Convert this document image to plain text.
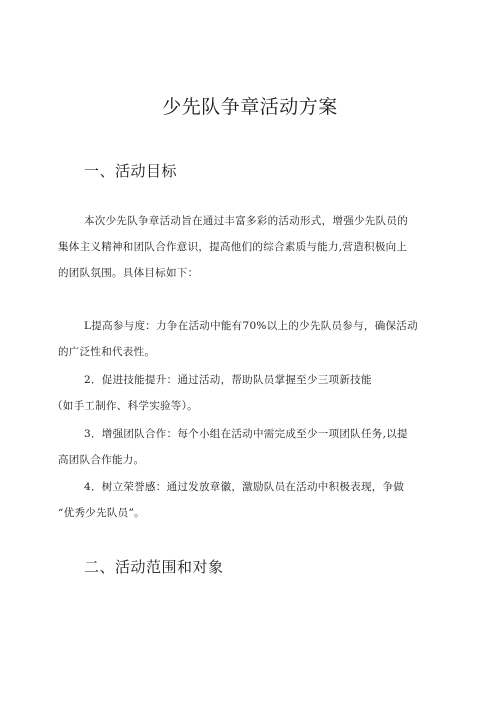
少先队争章活动方案
一、活动目标
本次少先队争章活动旨在通过丰富多彩的活动形式，增强少先队员的
集体主义精神和团队合作意识，提高他们的综合素质与能力,营造积极向上
的团队氛围。具体目标如下：
L提高参与度：力争在活动中能有70%以上的少先队员参与，确保活动
的广泛性和代表性。
2．促进技能提升：通过活动，帮助队员掌握至少三项新技能
（如手工制作、科学实验等）。
3．增强团队合作：每个小组在活动中需完成至少一项团队任务,以提
高团队合作能力。
4．树立荣誉感：通过发放章徽，激励队员在活动中积极表现，争做
“优秀少先队员”。
二、活动范围和对象
